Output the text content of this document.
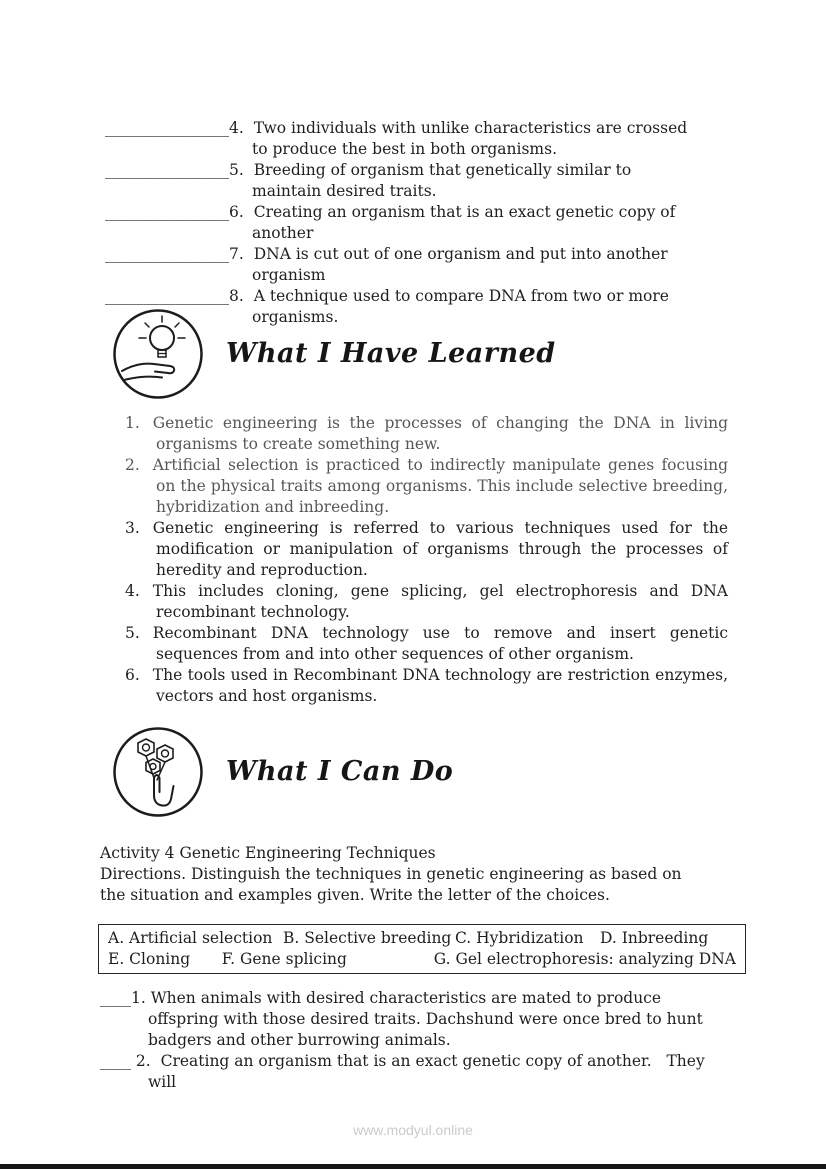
________________4. Two individuals with unlike characteristics are crossed to produce the best in both organisms.
________________5. Breeding of organism that genetically similar to maintain desired traits.
________________6. Creating an organism that is an exact genetic copy of another
________________7. DNA is cut out of one organism and put into another organism
________________8. A technique used to compare DNA from two or more organisms.
What I Have Learned
1. Genetic engineering is the processes of changing the DNA in living organisms to create something new.
2. Artificial selection is practiced to indirectly manipulate genes focusing on the physical traits among organisms. This include selective breeding, hybridization and inbreeding.
3. Genetic engineering is referred to various techniques used for the modification or manipulation of organisms through the processes of heredity and reproduction.
4. This includes cloning, gene splicing, gel electrophoresis and DNA recombinant technology.
5. Recombinant DNA technology use to remove and insert genetic sequences from and into other sequences of other organism.
6. The tools used in Recombinant DNA technology are restriction enzymes, vectors and host organisms.
What I Can Do
Activity 4 Genetic Engineering Techniques
Directions. Distinguish the techniques in genetic engineering as based on the situation and examples given. Write the letter of the choices.
A. Artificial selection B. Selective breeding C. Hybridization	D. Inbreeding
E. Cloning	F. Gene splicing	G. Gel electrophoresis: analyzing DNA
____1. When animals with desired characteristics are mated to produce offspring with those desired traits. Dachshund were once bred to hunt badgers and other burrowing animals.
____ 2.  Creating an organism that is an exact genetic copy of another.   They will
www.modyul.online
